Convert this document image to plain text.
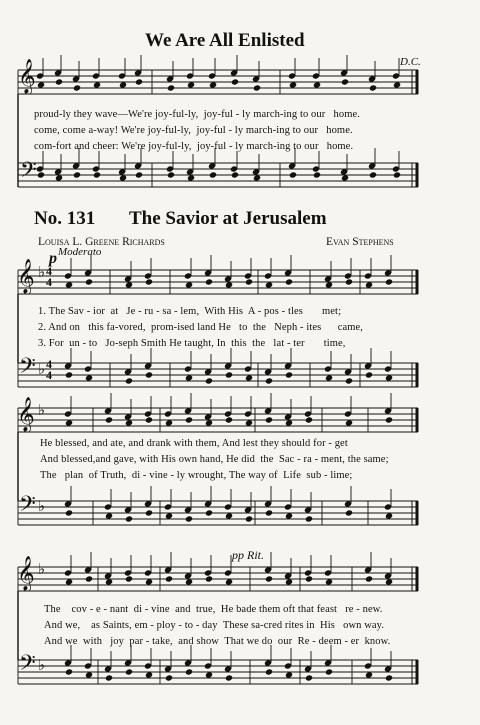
We Are All Enlisted
D.C.
𝄞
𝄢
proud-ly they wave—We're joy-ful-ly,  joy-ful - ly march-ing to our   home.
come, come a-way! We're joy-ful-ly,  joy-ful - ly march-ing to our   home.
com-fort and cheer: We're joy-ful-ly,  joy-ful - ly march-ing to our   home.
No. 131 The Savior at Jerusalem
Louisa L. Greene Richards	Evan Stephens
p Moderato
𝄞
𝄢
𝄞
𝄢
𝄞
𝄢
♭
♭
♭
♭
♭
♭
4
4
4
4
1. The Sav - ior  at   Je - ru - sa - lem,  With His  A - pos - tles       met;
2. And on   this fa-vored,  prom-ised land He   to  the   Neph - ites      came,
3. For  un - to   Jo-seph Smith He taught, In  this  the   lat - ter       time,
He blessed, and ate, and drank with them, And lest they should for - get
And blessed,and gave, with His own hand, He did  the  Sac - ra - ment, the same;
The   plan  of Truth,  di - vine - ly wrought, The way of  Life  sub - lime;
pp Rit.
The    cov - e - nant  di - vine  and  true,  He bade them oft that feast   re - new.
And we,    as Saints, em - ploy - to - day  These sa-cred rites in  His   own way.
And we  with   joy  par - take,  and show  That we do  our  Re - deem - er  know.
